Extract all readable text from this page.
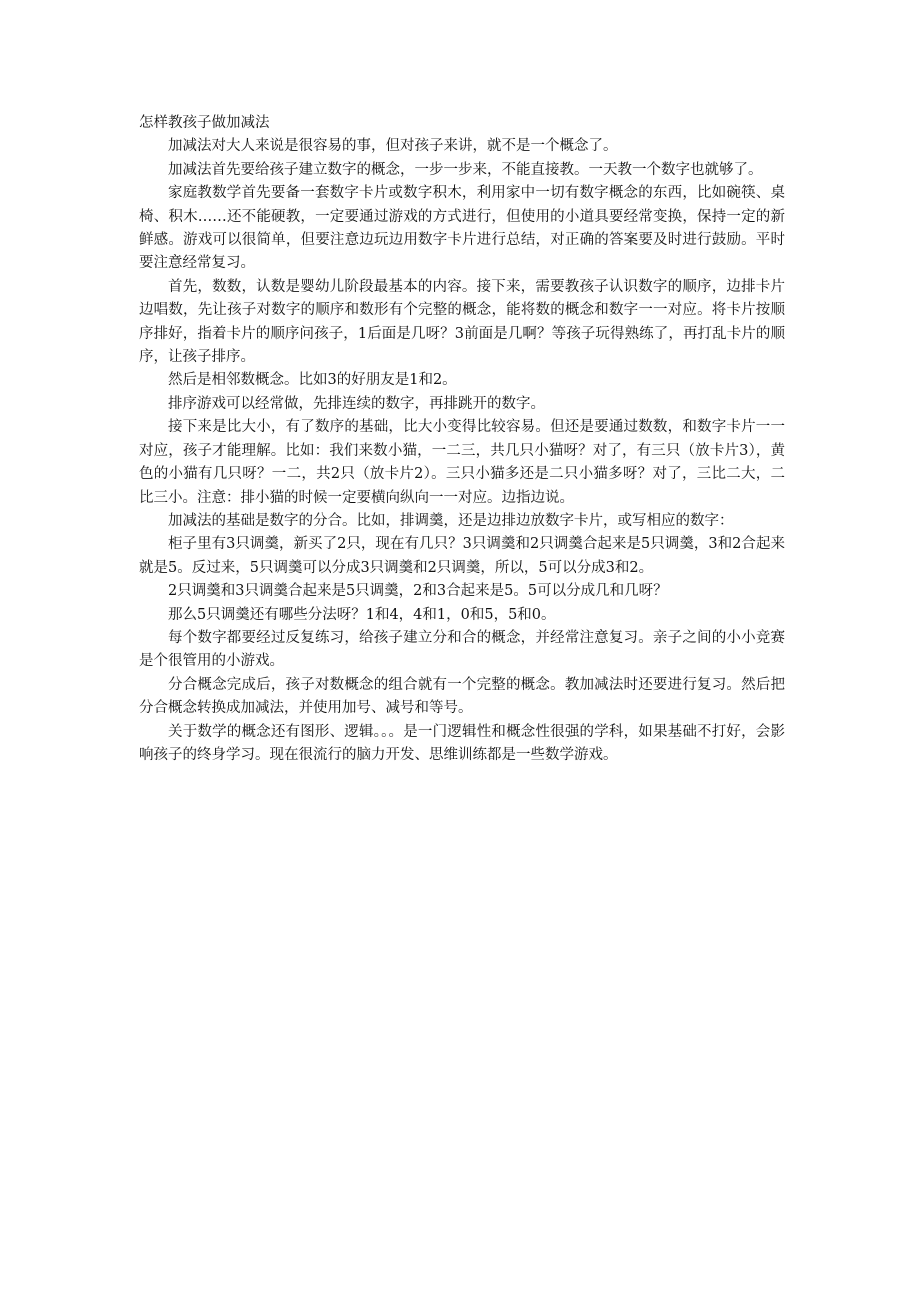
怎样教孩子做加减法

加减法对大人来说是很容易的事，但对孩子来讲，就不是一个概念了。

加减法首先要给孩子建立数字的概念，一步一步来，不能直接教。一天教一个数字也就够了。

家庭教数学首先要备一套数字卡片或数字积木，利用家中一切有数字概念的东西，比如碗筷、桌椅、积木……还不能硬教，一定要通过游戏的方式进行，但使用的小道具要经常变换，保持一定的新鲜感。游戏可以很简单，但要注意边玩边用数字卡片进行总结，对正确的答案要及时进行鼓励。平时要注意经常复习。

首先，数数，认数是婴幼儿阶段最基本的内容。接下来，需要教孩子认识数字的顺序，边排卡片边唱数，先让孩子对数字的顺序和数形有个完整的概念，能将数的概念和数字一一对应。将卡片按顺序排好，指着卡片的顺序问孩子，1后面是几呀？3前面是几啊？等孩子玩得熟练了，再打乱卡片的顺序，让孩子排序。

然后是相邻数概念。比如3的好朋友是1和2。

排序游戏可以经常做，先排连续的数字，再排跳开的数字。

接下来是比大小，有了数序的基础，比大小变得比较容易。但还是要通过数数，和数字卡片一一对应，孩子才能理解。比如：我们来数小猫，一二三，共几只小猫呀？对了，有三只（放卡片3），黄色的小猫有几只呀？一二，共2只（放卡片2）。三只小猫多还是二只小猫多呀？对了，三比二大，二比三小。注意：排小猫的时候一定要横向纵向一一对应。边指边说。

加减法的基础是数字的分合。比如，排调羹，还是边排边放数字卡片，或写相应的数字：

柜子里有3只调羹，新买了2只，现在有几只？3只调羹和2只调羹合起来是5只调羹，3和2合起来就是5。反过来，5只调羹可以分成3只调羹和2只调羹，所以，5可以分成3和2。

2只调羹和3只调羹合起来是5只调羹，2和3合起来是5。5可以分成几和几呀？

那么5只调羹还有哪些分法呀？1和4，4和1，0和5，5和0。

每个数字都要经过反复练习，给孩子建立分和合的概念，并经常注意复习。亲子之间的小小竞赛是个很管用的小游戏。

分合概念完成后，孩子对数概念的组合就有一个完整的概念。教加减法时还要进行复习。然后把分合概念转换成加减法，并使用加号、减号和等号。

关于数学的概念还有图形、逻辑。。。是一门逻辑性和概念性很强的学科，如果基础不打好，会影响孩子的终身学习。现在很流行的脑力开发、思维训练都是一些数学游戏。
